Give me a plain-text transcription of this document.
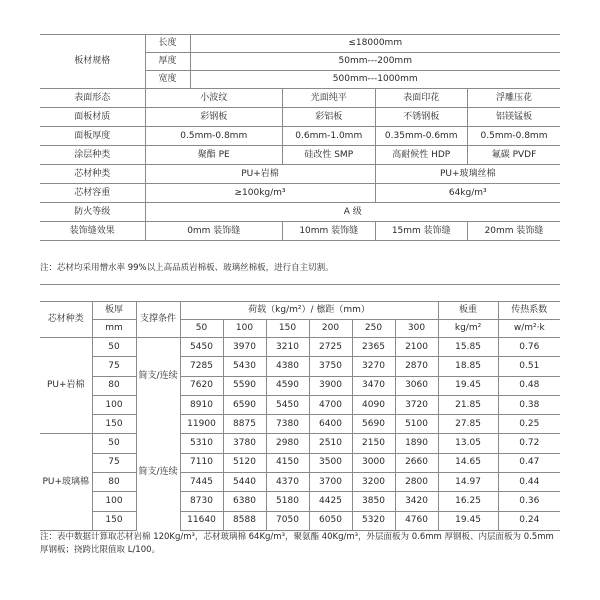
板材规格	长度	≤18000mm			
	厚度	50mm---200mm			
	宽度	500mm---1000mm			
表面形态	小波纹		光面纯平	表面印花	浮雕压花
面板材质	彩钢板		彩铝板	不锈钢板	铝镁锰板
面板厚度	0.5mm-0.8mm		0.6mm-1.0mm	0.35mm-0.6mm	0.5mm-0.8mm
涂层种类	聚酯 PE		硅改性 SMP	高耐候性 HDP	氟碳 PVDF
芯材种类	PU+岩棉			PU+玻璃丝棉	
芯材容重	≥100kg/m³			64kg/m³	
防火等级	A 级				
装饰缝效果	0mm 装饰缝		10mm 装饰缝	15mm 装饰缝	20mm 装饰缝
注：芯材均采用憎水率 99%以上高品质岩棉板、玻璃丝棉板，进行自主切割。
芯材种类	板厚	支撑条件	荷载（kg/m²）/ 檩距（mm）						板重	传热系数
	mm		50	100	150	200	250	300	kg/m²	w/m²·k
PU+岩棉	50		5450	3970	3210	2725	2365	2100	15.85	0.76
	75	简支/连续	7285	5430	4380	3750	3270	2870	18.85	0.51
	80		7620	5590	4590	3900	3470	3060	19.45	0.48
	100		8910	6590	5450	4700	4090	3720	21.85	0.38
	150		11900	8875	7380	6400	5690	5100	27.85	0.25
PU+玻璃棉	50		5310	3780	2980	2510	2150	1890	13.05	0.72
	75	简支/连续	7110	5120	4150	3500	3000	2660	14.65	0.47
	80		7445	5440	4370	3700	3200	2800	14.97	0.44
	100		8730	6380	5180	4425	3850	3420	16.25	0.36
	150		11640	8588	7050	6050	5320	4760	19.45	0.24
注：表中数据计算取芯材岩棉 120Kg/m³，芯材玻璃棉 64Kg/m³，聚氨酯 40Kg/m³，外层面板为 0.6mm 厚钢板、内层面板为 0.5mm 厚钢板；挠跨比限值取 L/100。
